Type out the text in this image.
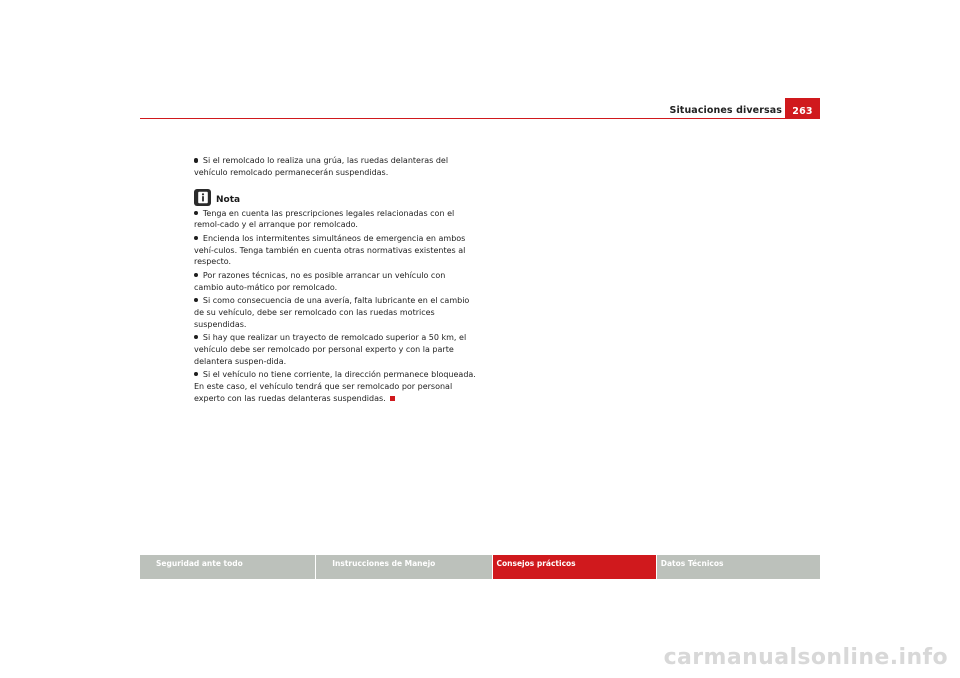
Situaciones diversas	263

Si el remolcado lo realiza una grúa, las ruedas delanteras del vehículo remolcado permanecerán suspendidas.

Nota

Tenga en cuenta las prescripciones legales relacionadas con el remol-cado y el arranque por remolcado.

Encienda los intermitentes simultáneos de emergencia en ambos vehí-culos. Tenga también en cuenta otras normativas existentes al respecto.

Por razones técnicas, no es posible arrancar un vehículo con cambio auto-mático por remolcado.

Si como consecuencia de una avería, falta lubricante en el cambio de su vehículo, debe ser remolcado con las ruedas motrices suspendidas.

Si hay que realizar un trayecto de remolcado superior a 50 km, el vehículo debe ser remolcado por personal experto y con la parte delantera suspen-dida.

Si el vehículo no tiene corriente, la dirección permanece bloqueada. En este caso, el vehículo tendrá que ser remolcado por personal experto con las ruedas delanteras suspendidas.

Seguridad ante todo	Instrucciones de Manejo	Consejos prácticos	Datos Técnicos
carmanualsonline.info
